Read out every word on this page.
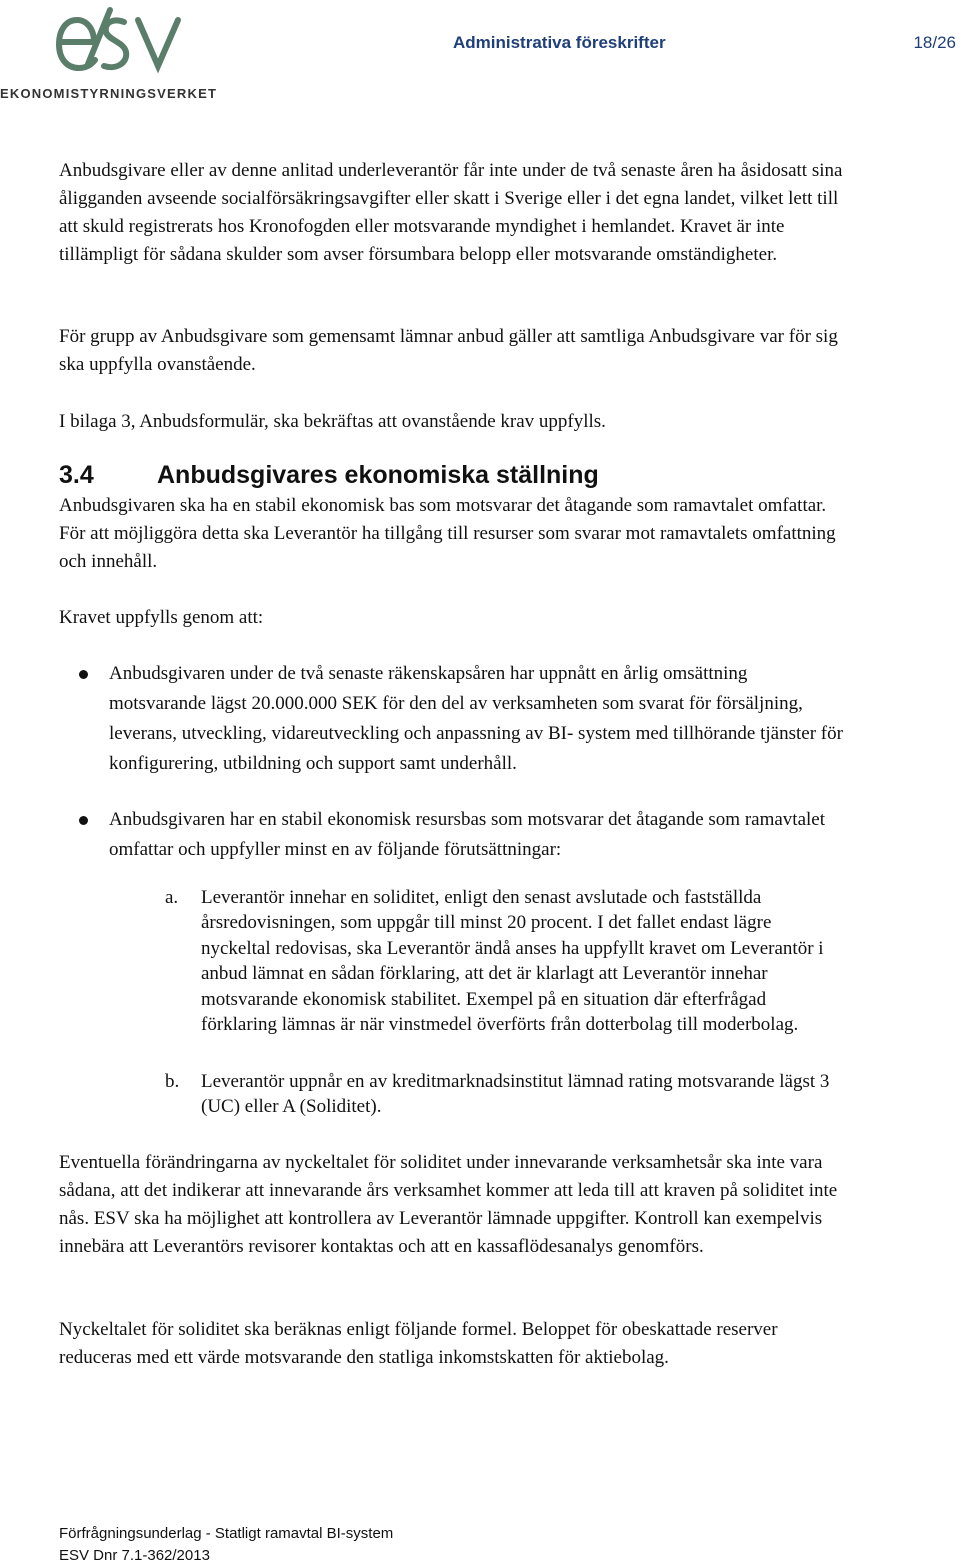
EKONOMISTYRNINGSVERKET
Administrativa föreskrifter	18/26

Anbudsgivare eller av denne anlitad underleverantör får inte under de två senaste åren ha åsidosatt sina åligganden avseende socialförsäkringsavgifter eller skatt i Sverige eller i det egna landet, vilket lett till att skuld registrerats hos Kronofogden eller motsvarande myndighet i hemlandet. Kravet är inte tillämpligt för sådana skulder som avser försumbara belopp eller motsvarande omständigheter.

För grupp av Anbudsgivare som gemensamt lämnar anbud gäller att samtliga Anbudsgivare var för sig ska uppfylla ovanstående.

I bilaga 3, Anbudsformulär, ska bekräftas att ovanstående krav uppfylls.

3.4	Anbudsgivares ekonomiska ställning

Anbudsgivaren ska ha en stabil ekonomisk bas som motsvarar det åtagande som ramavtalet omfattar. För att möjliggöra detta ska Leverantör ha tillgång till resurser som svarar mot ramavtalets omfattning och innehåll.

Kravet uppfylls genom att:

Anbudsgivaren under de två senaste räkenskapsåren har uppnått en årlig omsättning motsvarande lägst 20.000.000 SEK för den del av verksamheten som svarat för försäljning, leverans, utveckling, vidareutveckling och anpassning av BI- system med tillhörande tjänster för konfigurering, utbildning och support samt underhåll.

Anbudsgivaren har en stabil ekonomisk resursbas som motsvarar det åtagande som ramavtalet omfattar och uppfyller minst en av följande förutsättningar:

a. Leverantör innehar en soliditet, enligt den senast avslutade och fastställda årsredovisningen, som uppgår till minst 20 procent. I det fallet endast lägre nyckeltal redovisas, ska Leverantör ändå anses ha uppfyllt kravet om Leverantör i anbud lämnat en sådan förklaring, att det är klarlagt att Leverantör innehar motsvarande ekonomisk stabilitet. Exempel på en situation där efterfrågad förklaring lämnas är när vinstmedel överförts från dotterbolag till moderbolag.

b. Leverantör uppnår en av kreditmarknadsinstitut lämnad rating motsvarande lägst 3 (UC) eller A (Soliditet).

Eventuella förändringarna av nyckeltalet för soliditet under innevarande verksamhetsår ska inte vara sådana, att det indikerar att innevarande års verksamhet kommer att leda till att kraven på soliditet inte nås. ESV ska ha möjlighet att kontrollera av Leverantör lämnade uppgifter. Kontroll kan exempelvis innebära att Leverantörs revisorer kontaktas och att en kassaflödesanalys genomförs.

Nyckeltalet för soliditet ska beräknas enligt följande formel. Beloppet för obeskattade reserver reduceras med ett värde motsvarande den statliga inkomstskatten för aktiebolag.

Förfrågningsunderlag - Statligt ramavtal BI-system
ESV Dnr 7.1-362/2013
